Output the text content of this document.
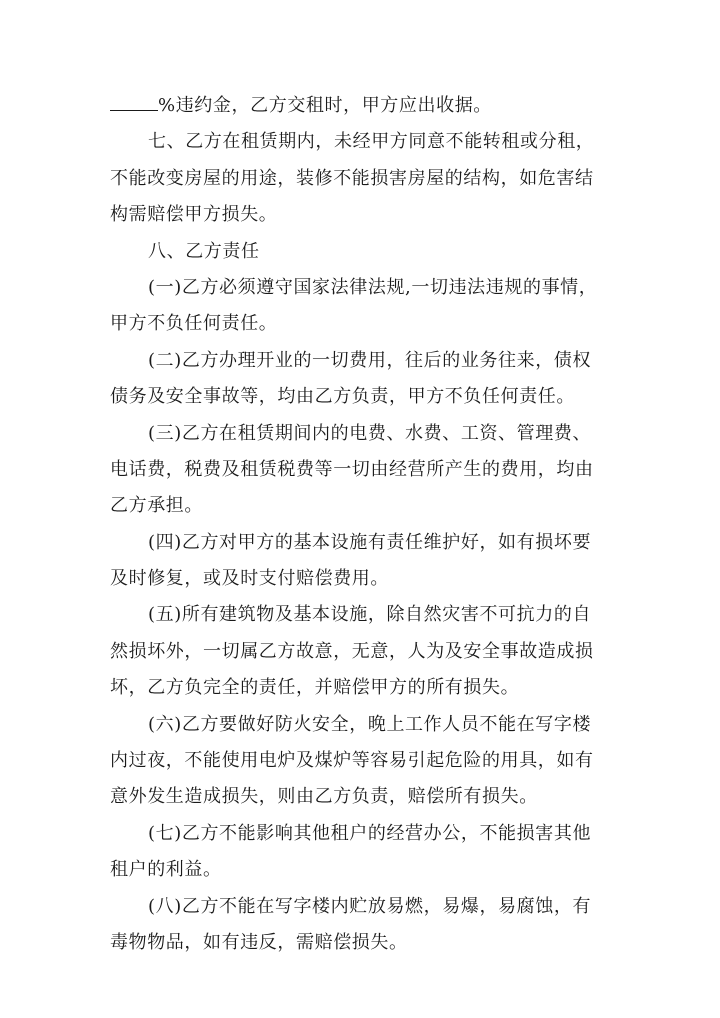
%违约金，乙方交租时，甲方应出收据。
七、乙方在租赁期内，未经甲方同意不能转租或分租，
不能改变房屋的用途，装修不能损害房屋的结构，如危害结
构需赔偿甲方损失。
八、乙方责任
(一)乙方必须遵守国家法律法规,一切违法违规的事情，
甲方不负任何责任。
(二)乙方办理开业的一切费用，往后的业务往来，债权
债务及安全事故等，均由乙方负责，甲方不负任何责任。
(三)乙方在租赁期间内的电费、水费、工资、管理费、
电话费，税费及租赁税费等一切由经营所产生的费用，均由
乙方承担。
(四)乙方对甲方的基本设施有责任维护好，如有损坏要
及时修复，或及时支付赔偿费用。
(五)所有建筑物及基本设施，除自然灾害不可抗力的自
然损坏外，一切属乙方故意，无意，人为及安全事故造成损
坏，乙方负完全的责任，并赔偿甲方的所有损失。
(六)乙方要做好防火安全，晚上工作人员不能在写字楼
内过夜，不能使用电炉及煤炉等容易引起危险的用具，如有
意外发生造成损失，则由乙方负责，赔偿所有损失。
(七)乙方不能影响其他租户的经营办公，不能损害其他
租户的利益。
(八)乙方不能在写字楼内贮放易燃，易爆，易腐蚀，有
毒物物品，如有违反，需赔偿损失。
